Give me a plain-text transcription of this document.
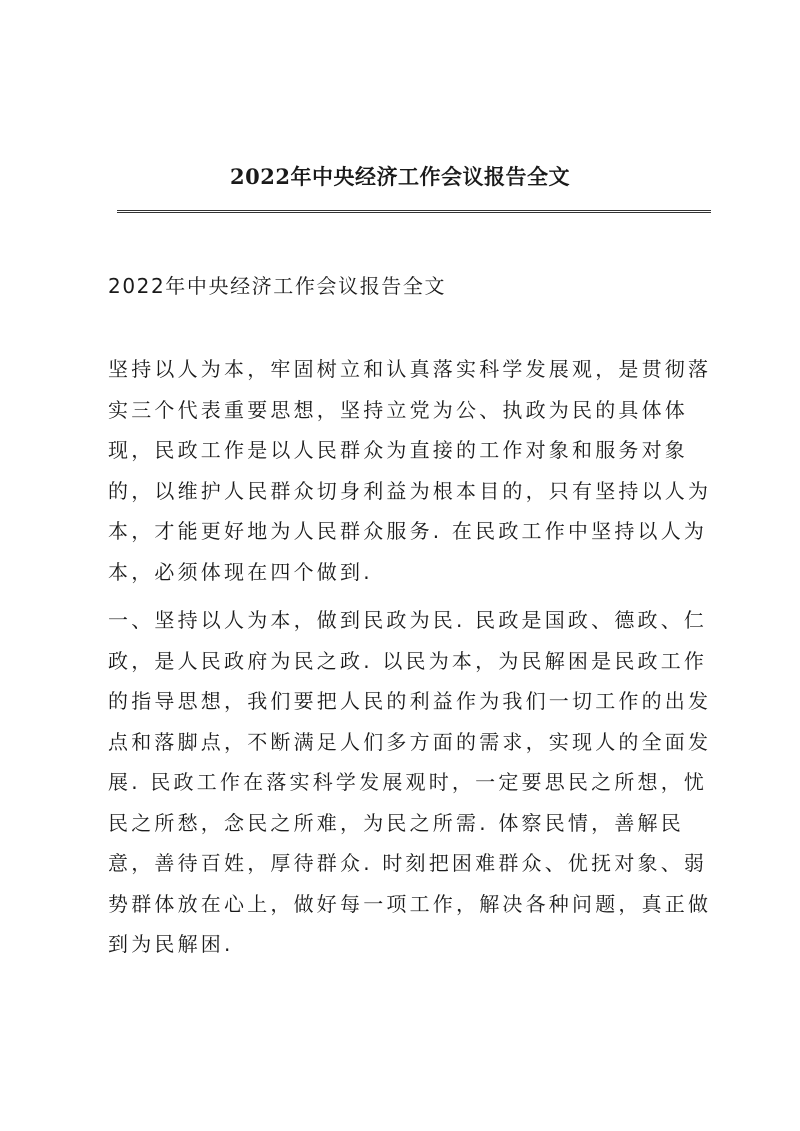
2022年中央经济工作会议报告全文
2022年中央经济工作会议报告全文
坚持以人为本，牢固树立和认真落实科学发展观，是贯彻落实三个代表重要思想，坚持立党为公、执政为民的具体体现，民政工作是以人民群众为直接的工作对象和服务对象的，以维护人民群众切身利益为根本目的，只有坚持以人为本，才能更好地为人民群众服务. 在民政工作中坚持以人为本，必须体现在四个做到.
一、坚持以人为本，做到民政为民. 民政是国政、德政、仁政，是人民政府为民之政. 以民为本，为民解困是民政工作的指导思想，我们要把人民的利益作为我们一切工作的出发点和落脚点，不断满足人们多方面的需求，实现人的全面发展. 民政工作在落实科学发展观时，一定要思民之所想，忧民之所愁，念民之所难，为民之所需. 体察民情，善解民意，善待百姓，厚待群众. 时刻把困难群众、优抚对象、弱势群体放在心上，做好每一项工作，解决各种问题，真正做到为民解困.
